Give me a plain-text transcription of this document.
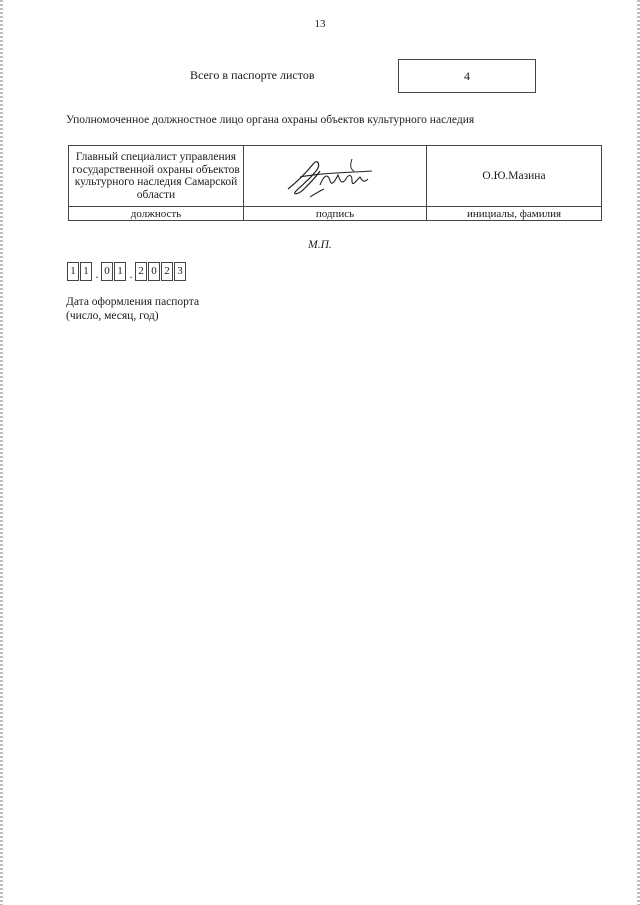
13
Всего в паспорте листов	4
Уполномоченное должностное лицо органа охраны объектов культурного наследия
Главный специалист управления государственной охраны объектов культурного наследия Самарской области		О.Ю.Мазина
должность	подпись	инициалы, фамилия
М.П.
1 1 . 0 1 . 2 0 2 3
Дата оформления паспорта
(число, месяц, год)
